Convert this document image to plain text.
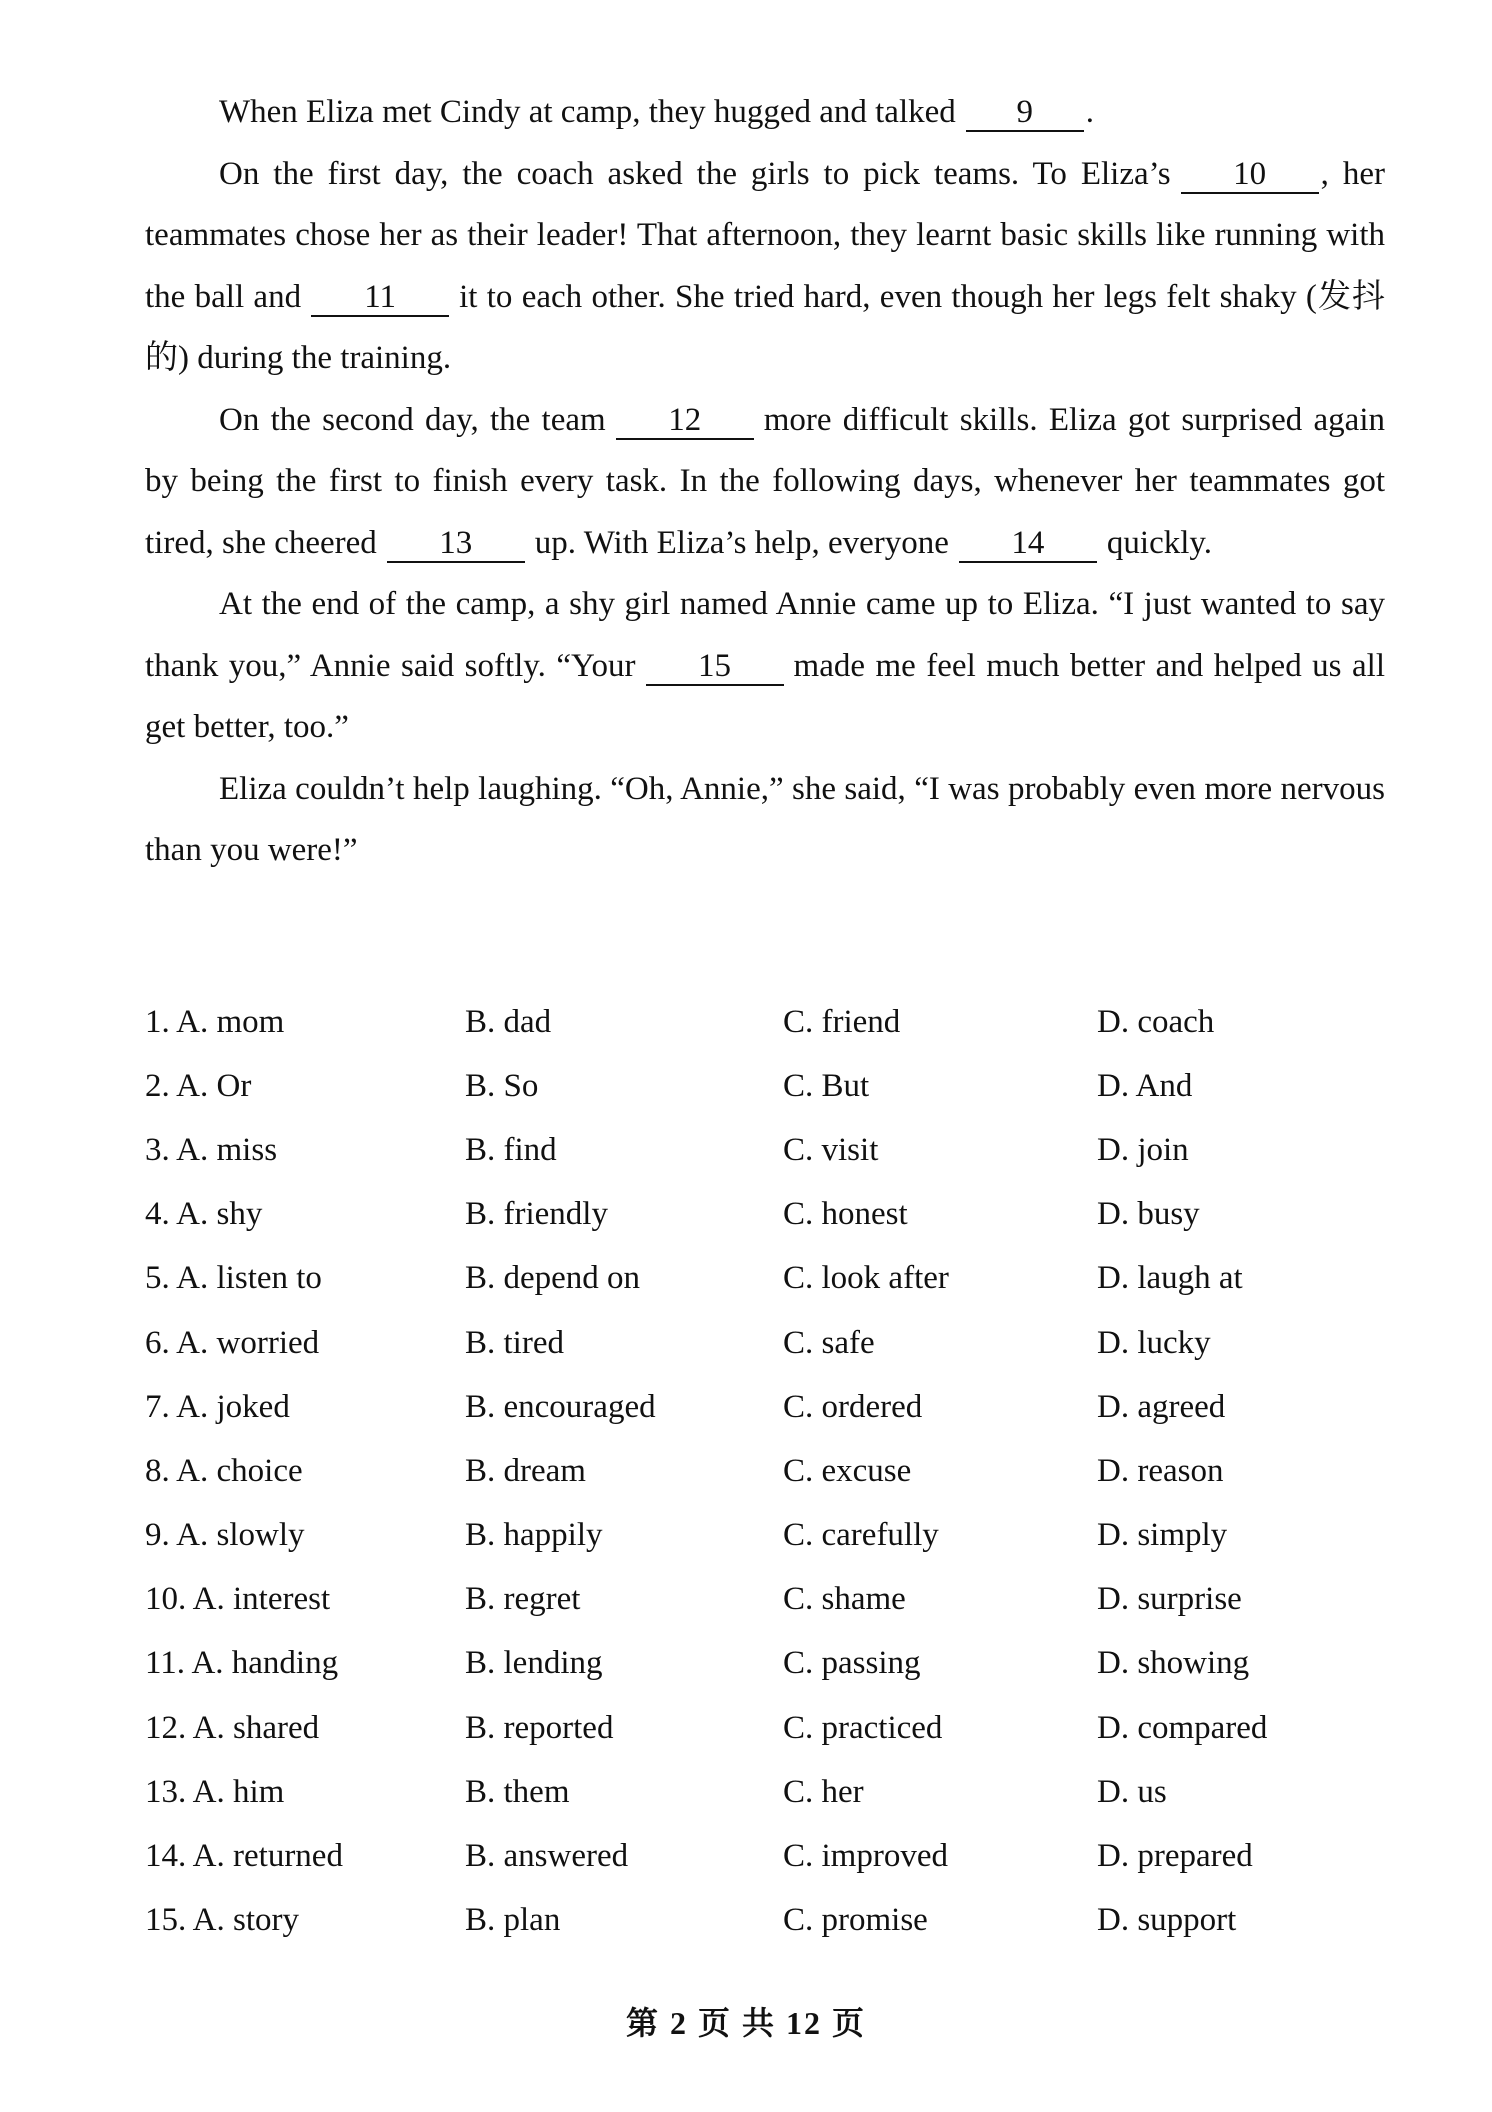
When Eliza met Cindy at camp, they hugged and talked 9 .

On the first day, the coach asked the girls to pick teams. To Eliza’s 10 , her teammates chose her as their leader! That afternoon, they learnt basic skills like running with the ball and 11 it to each other. She tried hard, even though her legs felt shaky (发抖的) during the training.

On the second day, the team 12 more difficult skills. Eliza got surprised again by being the first to finish every task. In the following days, whenever her teammates got tired, she cheered 13 up. With Eliza’s help, everyone 14 quickly.

At the end of the camp, a shy girl named Annie came up to Eliza. “I just wanted to say thank you,” Annie said softly. “Your 15 made me feel much better and helped us all get better, too.”

Eliza couldn’t help laughing. “Oh, Annie,” she said, “I was probably even more nervous than you were!”

1. A. mom	B. dad	C. friend	D. coach
2. A. Or	B. So	C. But	D. And
3. A. miss	B. find	C. visit	D. join
4. A. shy	B. friendly	C. honest	D. busy
5. A. listen to	B. depend on	C. look after	D. laugh at
6. A. worried	B. tired	C. safe	D. lucky
7. A. joked	B. encouraged	C. ordered	D. agreed
8. A. choice	B. dream	C. excuse	D. reason
9. A. slowly	B. happily	C. carefully	D. simply
10. A. interest	B. regret	C. shame	D. surprise
11. A. handing	B. lending	C. passing	D. showing
12. A. shared	B. reported	C. practiced	D. compared
13. A. him	B. them	C. her	D. us
14. A. returned	B. answered	C. improved	D. prepared
15. A. story	B. plan	C. promise	D. support
第 2 页 共 12 页
